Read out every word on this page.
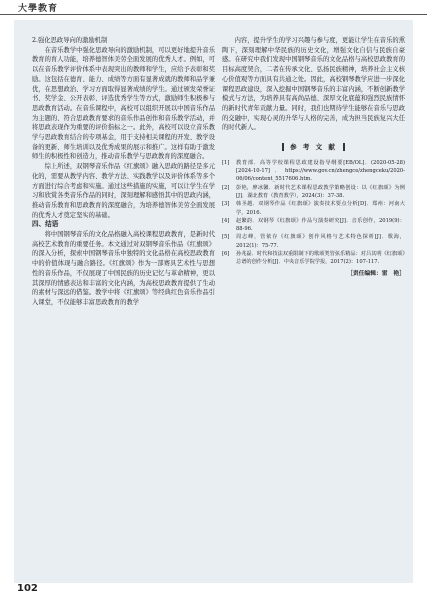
大學教育
2.强化思政导向的激励机制

在音乐教学中强化思政导向的激励机制，可以更好地提升音乐教育的育人功能，培养德智体美劳全面发展的优秀人才。例如，可以在音乐教学评价体系中表现突出的教师和学生，应给予表彰和奖励。这包括在德育、能力、成绩等方面有显著成就的教师和品学兼优，在思想政治、学习方面取得显著成绩的学生。通过颁发荣誉证书、奖学金、公开表彰、评选优秀学生等方式，激励师生积极参与思政教育活动。在音乐课程中，高校可以组织开展以中国音乐作品为主题的、符合思政教育要求的音乐作品创作和音乐教学活动，并将思政表现作为重要的评价指标之一。此外，高校可以设立音乐教学与思政教育结合的专项基金，用于支持相关课程的开发、教学设备的更新、师生培训以及优秀成果的展示和推广。这样有助于激发师生的积极性和创造力，推动音乐教学与思政教育的深度融合。

综上所述，双钢琴音乐作品《红旗颂》融入思政的路径是多元化的，需要从教学内容、教学方法、实践教学以及评价体系等多个方面进行综合考虑和实施。通过这些措施的实施，可以让学生在学习和欣赏各类音乐作品的同时，深刻理解和感悟其中的思政内涵，推动音乐教育和思政教育的深度融合，为培养德智体美劳全面发展的优秀人才奠定坚实的基础。

四、结语

将中国钢琴音乐的文化品格融入高校课程思政教育，是新时代高校艺术教育的重要任务。本文通过对双钢琴音乐作品《红旗颂》的深入分析，探索中国钢琴音乐中独特的文化品格在高校思政教育中的价值体现与融合路径。《红旗颂》作为一部赛具艺术性与思想性的音乐作品，不仅展现了中国民族的历史记忆与革命精神，更以其深厚的情感表达和丰富的文化内涵，为高校思政教育提供了生动的素材与深远的借鉴。教学中将《红旗颂》等经典红色音乐作品引入课堂，不仅能够丰富思政教育的教学

内容，提升学生的学习兴趣与参与度，更能让学生在音乐的熏陶下，深刻理解中华民族的历史文化，增强文化自信与民族自豪感。在研究中我们发现中国钢琴音乐的文化品格与高校思政教育的目标高度契合，二者在传承文化、弘扬民族精神，培养社会主义核心价值观等方面具有共通之处。因此，高校钢琴教学应进一步深化课程思政建设，深入挖掘中国钢琴音乐的丰富内涵，不断创新教学模式与方法，为培养具有高尚品德、深厚文化底蕴和强烈民族情怀的新时代青年贡献力量。同时，我们也期待学生能够在音乐与思政的交融中，实现心灵的升华与人格的完善，成为担当民族复兴大任的时代新人。

参 考 文 献
[1]	教育部．高等学校课程思政建设指导纲要[EB/OL]．(2020-05-28)[2024-10-17]．https://www.gov.cn/zhengce/zhengceku/2020-06/06/content_5517606.htm.
[2]	彭艳，廖冰馨．新时代艺术课程思政教学策略创设：以《红旗颂》为例[J]．湖北教育（教育教学），2024(3)：37-38.
[3]	韩圣越．双钢琴作品《红旗颂》演奏技术要点分析[D]．郑州：河南大学，2016.
[4]	赵繁韵．双钢琴《红旗颂》作品与演奏研究[J]．音乐创作，2019(9)：88-96.
[5]	周志峰，管依存《红旗颂》创作风格与艺术特色探析[J]．歌海，2012(1)：75-77.
[6]	孙兆磊．时代和技法双重限制下的歌颂类管弦乐精品：对吕其明《红旗颂》总谱的创作分析[J]．中央音乐学院学报，2017(2)：107-117.
［责任编辑：雷　艳］
102
